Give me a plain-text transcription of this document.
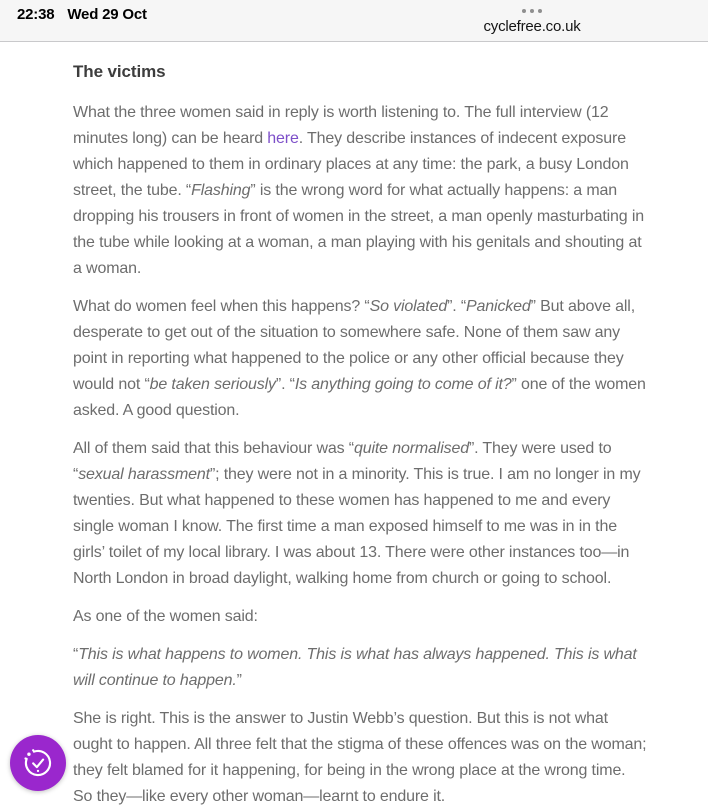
22:38 Wed 29 Oct
cyclefree.co.uk
The victims

What the three women said in reply is worth listening to. The full interview (12 minutes long) can be heard here. They describe instances of indecent exposure which happened to them in ordinary places at any time: the park, a busy London street, the tube. “Flashing” is the wrong word for what actually happens: a man dropping his trousers in front of women in the street, a man openly masturbating in the tube while looking at a woman, a man playing with his genitals and shouting at a woman.

What do women feel when this happens? “So violated”. “Panicked” But above all, desperate to get out of the situation to somewhere safe. None of them saw any point in reporting what happened to the police or any other official because they would not “be taken seriously”. “Is anything going to come of it?” one of the women asked. A good question.

All of them said that this behaviour was “quite normalised”. They were used to “sexual harassment”; they were not in a minority. This is true. I am no longer in my twenties. But what happened to these women has happened to me and every single woman I know. The first time a man exposed himself to me was in in the girls’ toilet of my local library. I was about 13. There were other instances too—in North London in broad daylight, walking home from church or going to school.

As one of the women said:

“This is what happens to women. This is what has always happened. This is what will continue to happen.”

She is right. This is the answer to Justin Webb’s question. But this is not what ought to happen. All three felt that the stigma of these offences was on the woman; they felt blamed for it happening, for being in the wrong place at the wrong time. So they—like every other woman—learnt to endure it.
